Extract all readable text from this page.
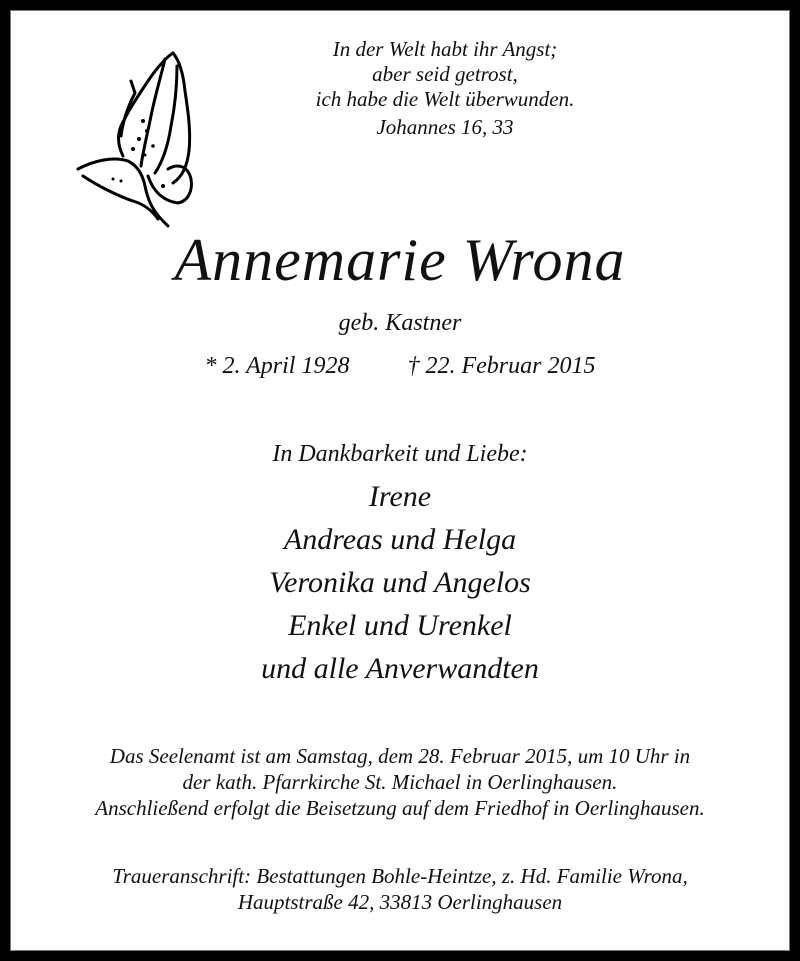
In der Welt habt ihr Angst;
aber seid getrost,
ich habe die Welt überwunden.
Johannes 16, 33
Annemarie Wrona
geb. Kastner
* 2. April 1928 † 22. Februar 2015
In Dankbarkeit und Liebe:
Irene
Andreas und Helga
Veronika und Angelos
Enkel und Urenkel
und alle Anverwandten
Das Seelenamt ist am Samstag, dem 28. Februar 2015, um 10 Uhr in
der kath. Pfarrkirche St. Michael in Oerlinghausen.
Anschließend erfolgt die Beisetzung auf dem Friedhof in Oerlinghausen.
Traueranschrift: Bestattungen Bohle-Heintze, z. Hd. Familie Wrona,
Hauptstraße 42, 33813 Oerlinghausen
